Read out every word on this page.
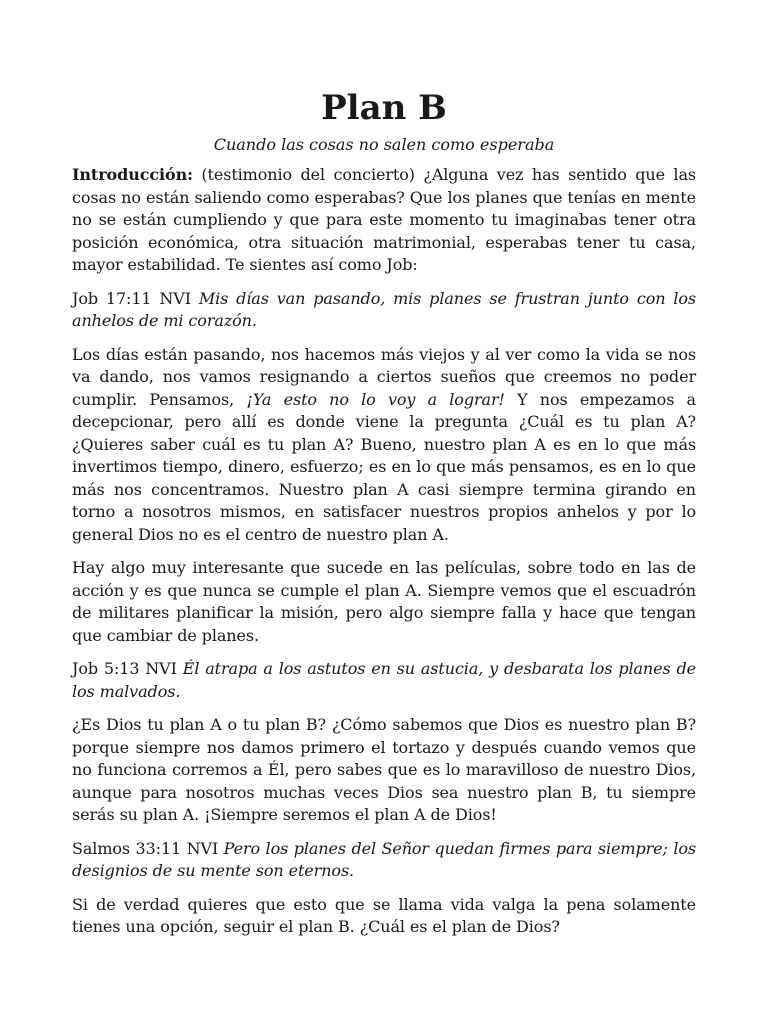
Plan B
Cuando las cosas no salen como esperaba

Introducción: (testimonio del concierto) ¿Alguna vez has sentido que las cosas no están saliendo como esperabas? Que los planes que tenías en mente no se están cumpliendo y que para este momento tu imaginabas tener otra posición económica, otra situación matrimonial, esperabas tener tu casa, mayor estabilidad. Te sientes así como Job:

Job 17:11 NVI Mis días van pasando, mis planes se frustran junto con los anhelos de mi corazón.

Los días están pasando, nos hacemos más viejos y al ver como la vida se nos va dando, nos vamos resignando a ciertos sueños que creemos no poder cumplir. Pensamos, ¡Ya esto no lo voy a lograr! Y nos empezamos a decepcionar, pero allí es donde viene la pregunta ¿Cuál es tu plan A? ¿Quieres saber cuál es tu plan A? Bueno, nuestro plan A es en lo que más invertimos tiempo, dinero, esfuerzo; es en lo que más pensamos, es en lo que más nos concentramos. Nuestro plan A casi siempre termina girando en torno a nosotros mismos, en satisfacer nuestros propios anhelos y por lo general Dios no es el centro de nuestro plan A.

Hay algo muy interesante que sucede en las películas, sobre todo en las de acción y es que nunca se cumple el plan A. Siempre vemos que el escuadrón de militares planificar la misión, pero algo siempre falla y hace que tengan que cambiar de planes.

Job 5:13 NVI Él atrapa a los astutos en su astucia, y desbarata los planes de los malvados.

¿Es Dios tu plan A o tu plan B? ¿Cómo sabemos que Dios es nuestro plan B? porque siempre nos damos primero el tortazo y después cuando vemos que no funciona corremos a Él, pero sabes que es lo maravilloso de nuestro Dios, aunque para nosotros muchas veces Dios sea nuestro plan B, tu siempre serás su plan A. ¡Siempre seremos el plan A de Dios!

Salmos 33:11 NVI Pero los planes del Señor quedan firmes para siempre; los designios de su mente son eternos.

Si de verdad quieres que esto que se llama vida valga la pena solamente tienes una opción, seguir el plan B. ¿Cuál es el plan de Dios?
